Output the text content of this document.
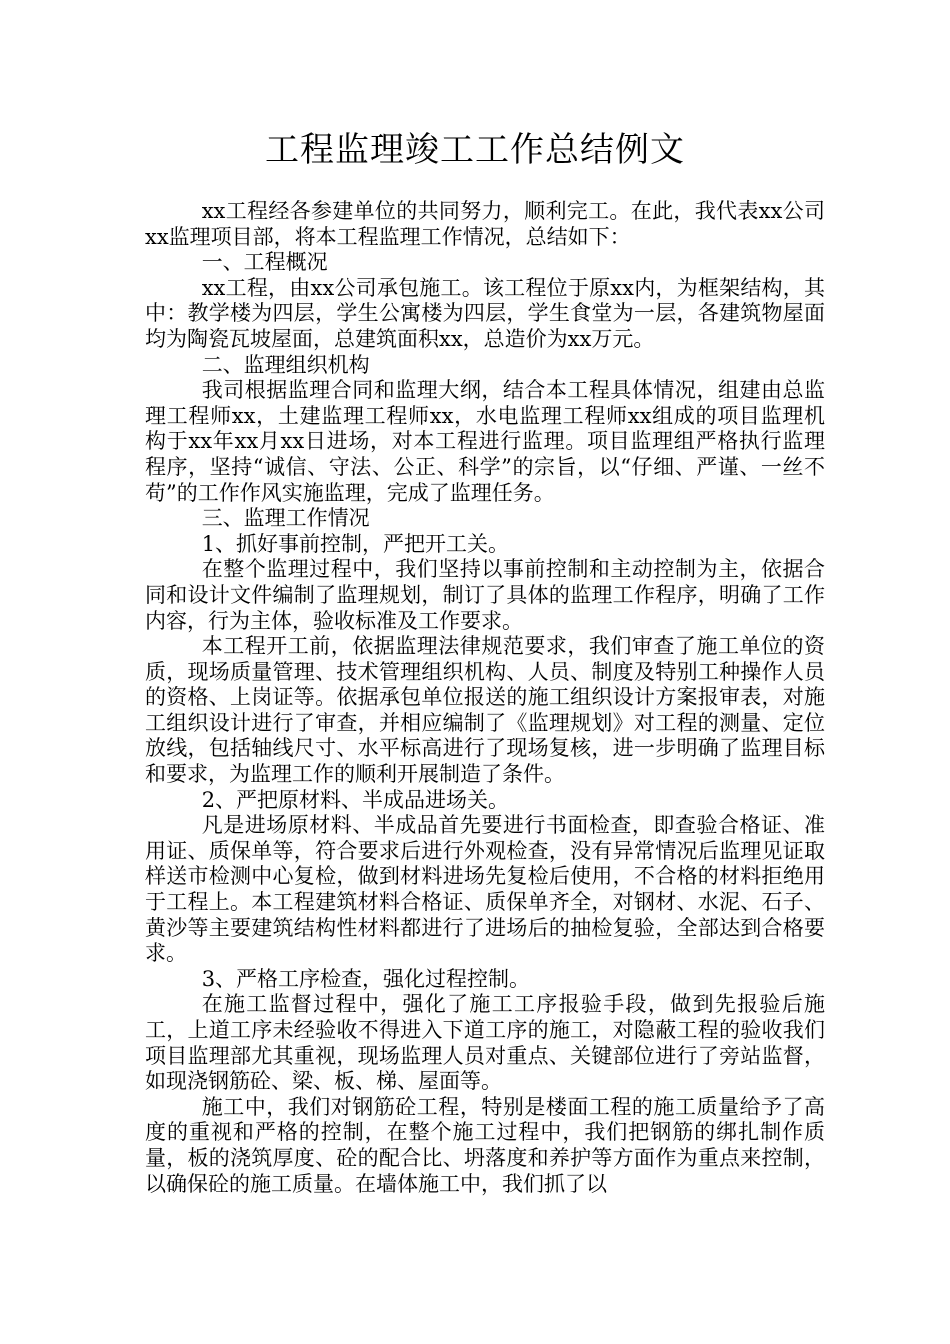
工程监理竣工工作总结例文

xx工程经各参建单位的共同努力，顺利完工。在此，我代表xx公司xx监理项目部，将本工程监理工作情况，总结如下：

一、工程概况

xx工程，由xx公司承包施工。该工程位于原xx内，为框架结构，其中：教学楼为四层，学生公寓楼为四层，学生食堂为一层，各建筑物屋面均为陶瓷瓦坡屋面，总建筑面积xx，总造价为xx万元。

二、监理组织机构

我司根据监理合同和监理大纲，结合本工程具体情况，组建由总监理工程师xx，土建监理工程师xx，水电监理工程师xx组成的项目监理机构于xx年xx月xx日进场，对本工程进行监理。项目监理组严格执行监理程序，坚持“诚信、守法、公正、科学”的宗旨，以“仔细、严谨、一丝不苟”的工作作风实施监理，完成了监理任务。

三、监理工作情况

1、抓好事前控制，严把开工关。

在整个监理过程中，我们坚持以事前控制和主动控制为主，依据合同和设计文件编制了监理规划，制订了具体的监理工作程序，明确了工作内容，行为主体，验收标准及工作要求。

本工程开工前，依据监理法律规范要求，我们审查了施工单位的资质，现场质量管理、技术管理组织机构、人员、制度及特别工种操作人员的资格、上岗证等。依据承包单位报送的施工组织设计方案报审表，对施工组织设计进行了审查，并相应编制了《监理规划》对工程的测量、定位放线，包括轴线尺寸、水平标高进行了现场复核，进一步明确了监理目标和要求，为监理工作的顺利开展制造了条件。

2、严把原材料、半成品进场关。

凡是进场原材料、半成品首先要进行书面检查，即查验合格证、准用证、质保单等，符合要求后进行外观检查，没有异常情况后监理见证取样送市检测中心复检，做到材料进场先复检后使用，不合格的材料拒绝用于工程上。本工程建筑材料合格证、质保单齐全，对钢材、水泥、石子、黄沙等主要建筑结构性材料都进行了进场后的抽检复验，全部达到合格要求。

3、严格工序检查，强化过程控制。

在施工监督过程中，强化了施工工序报验手段，做到先报验后施工，上道工序未经验收不得进入下道工序的施工，对隐蔽工程的验收我们项目监理部尤其重视，现场监理人员对重点、关键部位进行了旁站监督，如现浇钢筋砼、梁、板、梯、屋面等。

施工中，我们对钢筋砼工程，特别是楼面工程的施工质量给予了高度的重视和严格的控制，在整个施工过程中，我们把钢筋的绑扎制作质量，板的浇筑厚度、砼的配合比、坍落度和养护等方面作为重点来控制，以确保砼的施工质量。在墙体施工中，我们抓了以
